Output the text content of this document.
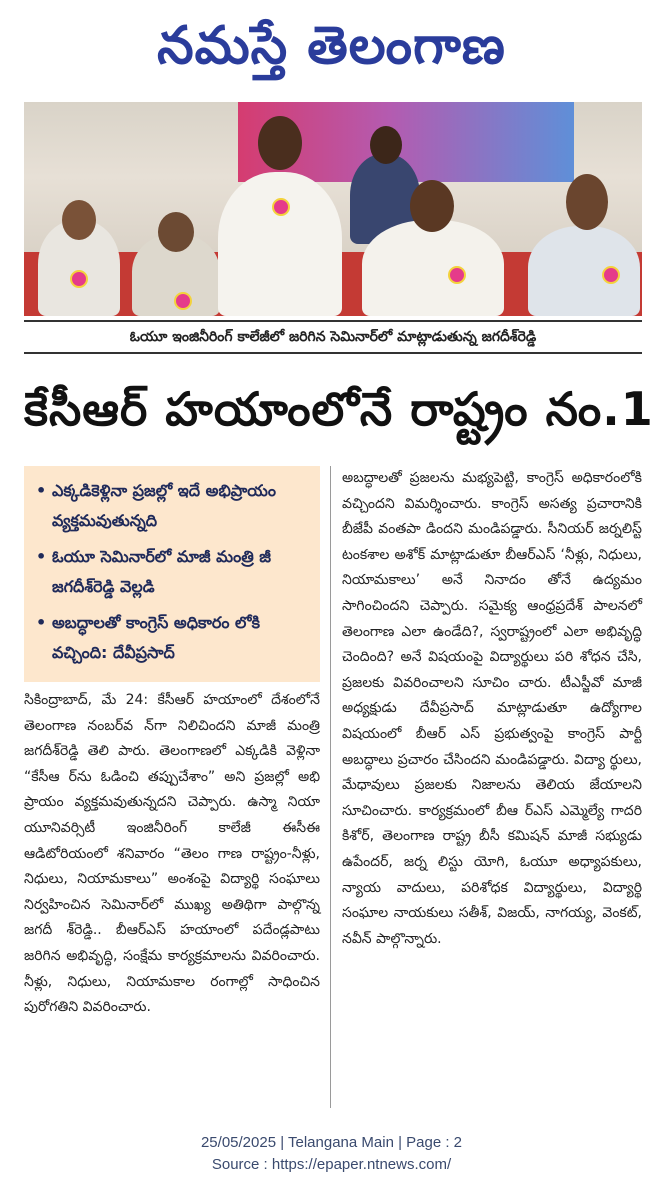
నమస్తే తెలంగాణ
ఓయూ ఇంజినీరింగ్ కాలేజీలో జరిగిన సెమినార్‌లో మాట్లాడుతున్న జగదీశ్‌రెడ్డి
కేసీఆర్ హయాంలోనే రాష్ట్రం నం.1
• ఎక్కడికెళ్లినా ప్రజల్లో ఇదే అభిప్రాయం వ్యక్తమవుతున్నది
• ఓయూ సెమినార్‌లో మాజీ మంత్రి జీ జగదీశ్‌రెడ్డి వెల్లడి
• అబద్ధాలతో కాంగ్రెస్ అధికారం లోకి వచ్చింది: దేవీప్రసాద్

సికింద్రాబాద్, మే 24: కేసీఆర్ హయాంలో దేశంలోనే తెలంగాణ నంబర్‌వ న్‌గా నిలిచిందని మాజీ మంత్రి జగదీశ్‌రెడ్డి తెలి పారు. తెలంగాణలో ఎక్కడికి వెళ్లినా “కేసీఆ ర్‌ను ఓడించి తప్పుచేశాం” అని ప్రజల్లో అభి ప్రాయం వ్యక్తమవుతున్నదని చెప్పారు. ఉస్మా నియా యూనివర్సిటీ ఇంజినీరింగ్ కాలేజీ ఈసీఈ ఆడిటోరియంలో శనివారం “తెలం గాణ రాష్ట్రం-నీళ్లు, నిధులు, నియామకాలు” అంశంపై విద్యార్థి సంఘాలు నిర్వహించిన సెమినార్‌లో ముఖ్య అతిథిగా పాల్గొన్న జగదీ శ్‌రెడ్డి.. బీఆర్‌ఎస్ హయాంలో పదేండ్లపాటు జరిగిన అభివృద్ధి, సంక్షేమ కార్యక్రమాలను వివరించారు. నీళ్లు, నిధులు, నియామకాల రంగాల్లో సాధించిన పురోగతిని వివరించారు.

అబద్ధాలతో ప్రజలను మభ్యపెట్టి, కాంగ్రెస్ అధికారంలోకి వచ్చిందని విమర్శించారు. కాంగ్రెస్ అసత్య ప్రచారానికి బీజేపీ వంతపా డిందని మండిపడ్డారు. సీనియర్ జర్నలిస్ట్ టంకశాల అశోక్ మాట్లాడుతూ బీఆర్‌ఎస్ ‘నీళ్లు, నిధులు, నియామకాలు’ అనే నినాదం తోనే ఉద్యమం సాగించిందని చెప్పారు. సమైక్య ఆంధ్రప్రదేశ్ పాలనలో తెలంగాణ ఎలా ఉండేది?, స్వరాష్ట్రంలో ఎలా అభివృద్ధి చెందింది? అనే విషయంపై విద్యార్థులు పరి శోధన చేసి, ప్రజలకు వివరించాలని సూచిం చారు. టీఎస్జీవో మాజీ అధ్యక్షుడు దేవీప్రసాద్ మాట్లాడుతూ ఉద్యోగాల విషయంలో బీఆర్ ఎస్ ప్రభుత్వంపై కాంగ్రెస్ పార్టీ అబద్ధాలు ప్రచారం చేసిందని మండిపడ్డారు. విద్యా ర్థులు, మేధావులు ప్రజలకు నిజాలను తెలియ జేయాలని సూచించారు. కార్యక్రమంలో బీఆ ర్‌ఎస్ ఎమ్మెల్యే గాదరి కిశోర్, తెలంగాణ రాష్ట్ర బీసీ కమిషన్ మాజీ సభ్యుడు ఉపేందర్, జర్న లిస్టు యోగి, ఓయూ అధ్యాపకులు, న్యాయ వాదులు, పరిశోధక విద్యార్థులు, విద్యార్థి సంఘాల నాయకులు సతీశ్, విజయ్, నాగయ్య, వెంకట్, నవీన్ పాల్గొన్నారు.

25/05/2025 | Telangana Main | Page : 2
Source : https://epaper.ntnews.com/
